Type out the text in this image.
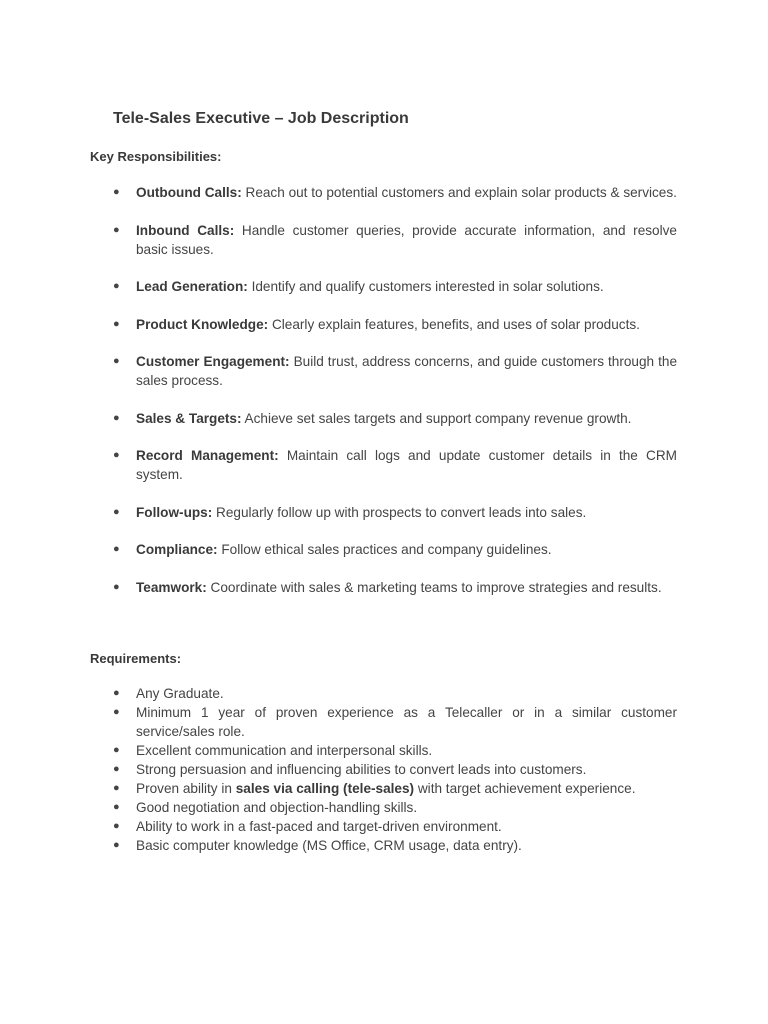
Tele-Sales Executive – Job Description
Key Responsibilities:
● Outbound Calls: Reach out to potential customers and explain solar products & services.
● Inbound Calls: Handle customer queries, provide accurate information, and resolve basic issues.
● Lead Generation: Identify and qualify customers interested in solar solutions.
● Product Knowledge: Clearly explain features, benefits, and uses of solar products.
● Customer Engagement: Build trust, address concerns, and guide customers through the sales process.
● Sales & Targets: Achieve set sales targets and support company revenue growth.
● Record Management: Maintain call logs and update customer details in the CRM system.
● Follow-ups: Regularly follow up with prospects to convert leads into sales.
● Compliance: Follow ethical sales practices and company guidelines.
● Teamwork: Coordinate with sales & marketing teams to improve strategies and results.
Requirements:
● Any Graduate.
● Minimum 1 year of proven experience as a Telecaller or in a similar customer service/sales role.
● Excellent communication and interpersonal skills.
● Strong persuasion and influencing abilities to convert leads into customers.
● Proven ability in sales via calling (tele-sales) with target achievement experience.
● Good negotiation and objection-handling skills.
● Ability to work in a fast-paced and target-driven environment.
● Basic computer knowledge (MS Office, CRM usage, data entry).
